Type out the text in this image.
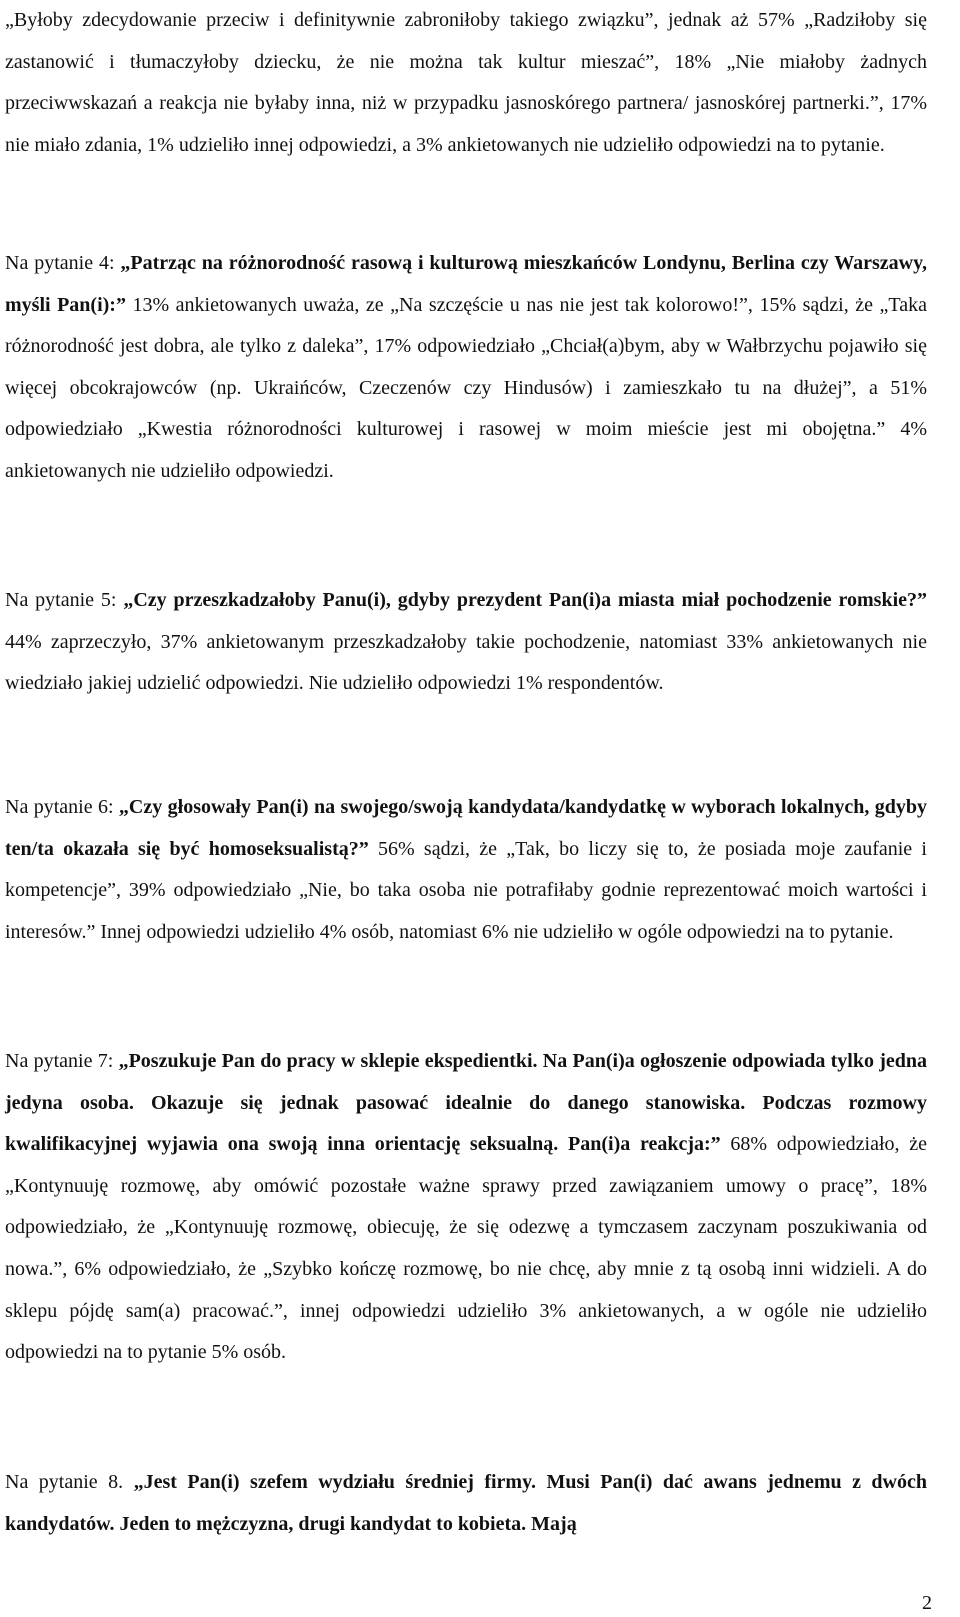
„Byłoby zdecydowanie przeciw i definitywnie zabroniłoby takiego związku”, jednak aż 57% „Radziłoby się zastanowić i tłumaczyłoby dziecku, że nie można tak kultur mieszać”, 18% „Nie miałoby żadnych przeciwwskazań a reakcja nie byłaby inna, niż w przypadku jasnoskórego partnera/ jasnoskórej partnerki.”, 17% nie miało zdania, 1% udzieliło innej odpowiedzi, a 3% ankietowanych nie udzieliło odpowiedzi na to pytanie.

Na pytanie 4: „Patrząc na różnorodność rasową i kulturową mieszkańców Londynu, Berlina czy Warszawy, myśli Pan(i):” 13% ankietowanych uważa, ze „Na szczęście u nas nie jest tak kolorowo!”, 15% sądzi, że „Taka różnorodność jest dobra, ale tylko z daleka”, 17% odpowiedziało „Chciał(a)bym, aby w Wałbrzychu pojawiło się więcej obcokrajowców (np. Ukraińców, Czeczenów czy Hindusów) i zamieszkało tu na dłużej”, a 51% odpowiedziało „Kwestia różnorodności kulturowej i rasowej w moim mieście jest mi obojętna.” 4% ankietowanych nie udzieliło odpowiedzi.

Na pytanie 5: „Czy przeszkadzałoby Panu(i), gdyby prezydent Pan(i)a miasta miał pochodzenie romskie?” 44% zaprzeczyło, 37% ankietowanym przeszkadzałoby takie pochodzenie, natomiast 33% ankietowanych nie wiedziało jakiej udzielić odpowiedzi. Nie udzieliło odpowiedzi 1% respondentów.

Na pytanie 6: „Czy głosowały Pan(i) na swojego/swoją kandydata/kandydatkę w wyborach lokalnych, gdyby ten/ta okazała się być homoseksualistą?” 56% sądzi, że „Tak, bo liczy się to, że posiada moje zaufanie i kompetencje”, 39% odpowiedziało „Nie, bo taka osoba nie potrafiłaby godnie reprezentować moich wartości i interesów.” Innej odpowiedzi udzieliło 4% osób, natomiast 6% nie udzieliło w ogóle odpowiedzi na to pytanie.

Na pytanie 7: „Poszukuje Pan do pracy w sklepie ekspedientki. Na Pan(i)a ogłoszenie odpowiada tylko jedna jedyna osoba. Okazuje się jednak pasować idealnie do danego stanowiska. Podczas rozmowy kwalifikacyjnej wyjawia ona swoją inna orientację seksualną. Pan(i)a reakcja:” 68% odpowiedziało, że „Kontynuuję rozmowę, aby omówić pozostałe ważne sprawy przed zawiązaniem umowy o pracę”, 18% odpowiedziało, że „Kontynuuję rozmowę, obiecuję, że się odezwę a tymczasem zaczynam poszukiwania od nowa.”, 6% odpowiedziało, że „Szybko kończę rozmowę, bo nie chcę, aby mnie z tą osobą inni widzieli. A do sklepu pójdę sam(a) pracować.”, innej odpowiedzi udzieliło 3% ankietowanych, a w ogóle nie udzieliło odpowiedzi na to pytanie 5% osób.

Na pytanie 8. „Jest Pan(i) szefem wydziału średniej firmy. Musi Pan(i) dać awans jednemu z dwóch kandydatów. Jeden to mężczyzna, drugi kandydat to kobieta. Mają

2
